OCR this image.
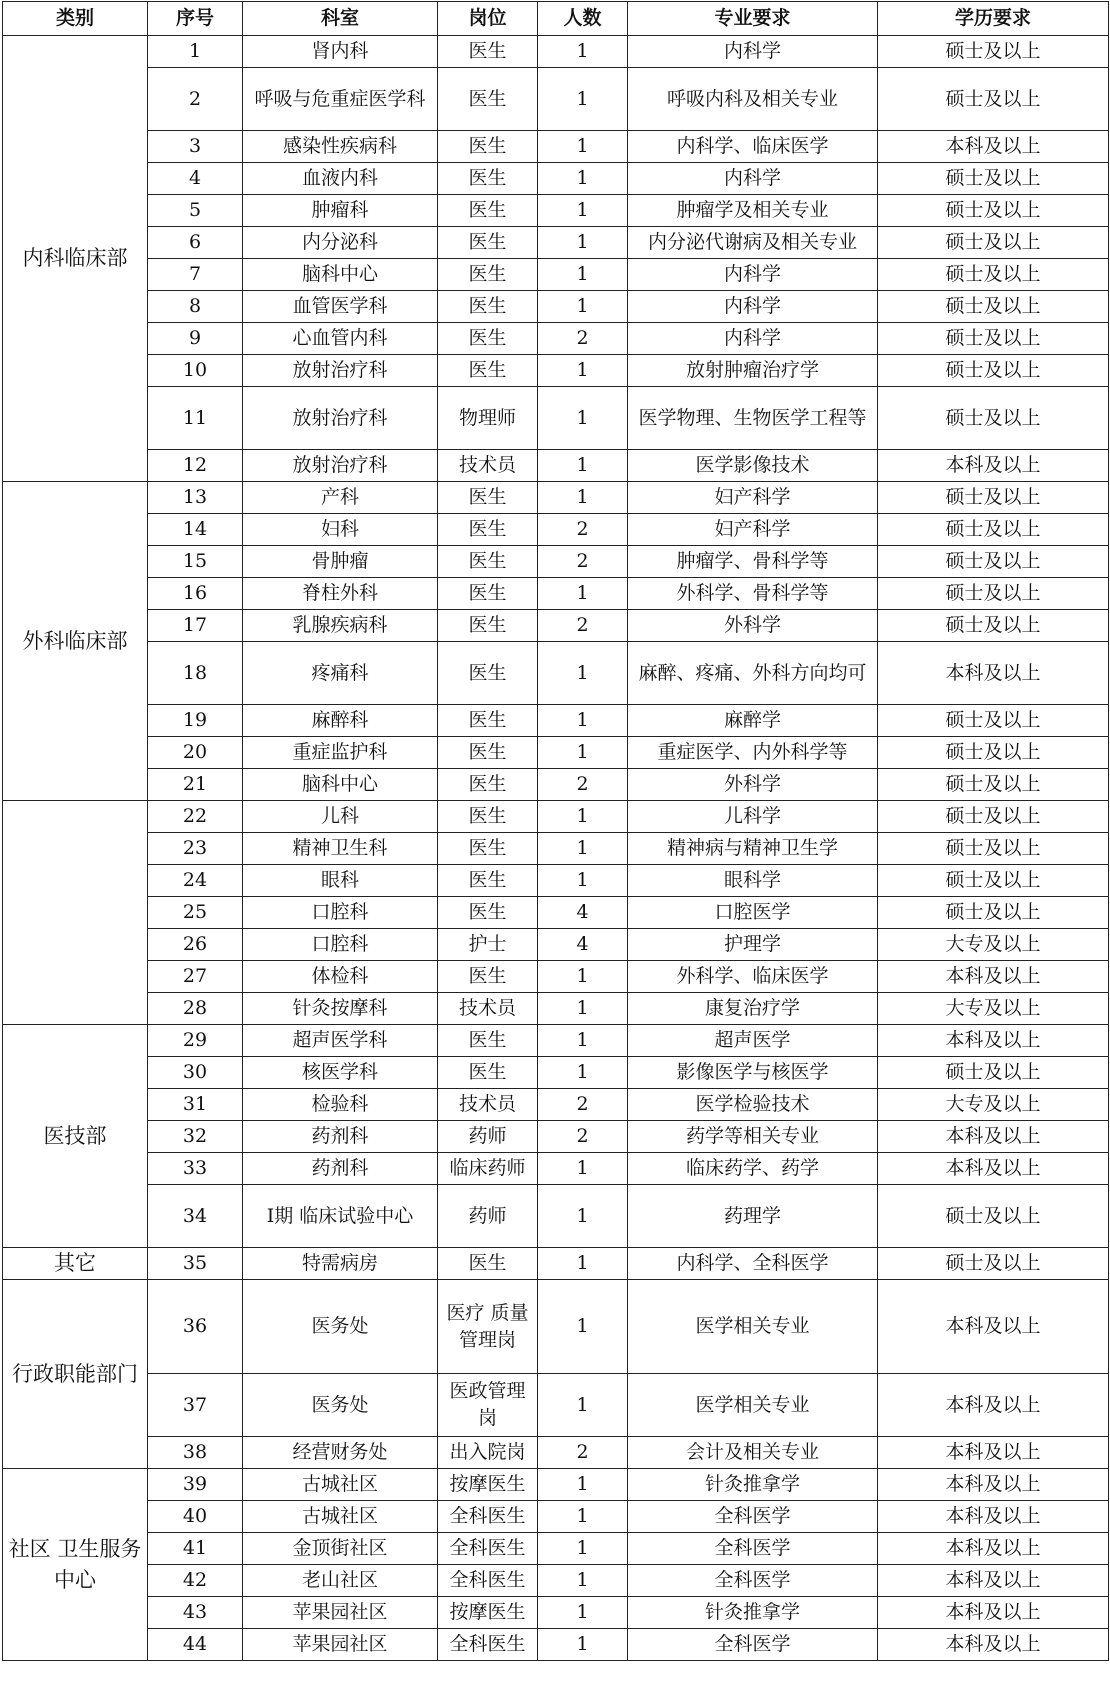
类别	序号	科室	岗位	人数	专业要求	学历要求
内科临床部	1	肾内科	医生	1	内科学	硕士及以上
	2	呼吸与危重症医学科	医生	1	呼吸内科及相关专业	硕士及以上
	3	感染性疾病科	医生	1	内科学、临床医学	本科及以上
	4	血液内科	医生	1	内科学	硕士及以上
	5	肿瘤科	医生	1	肿瘤学及相关专业	硕士及以上
	6	内分泌科	医生	1	内分泌代谢病及相关专业	硕士及以上
	7	脑科中心	医生	1	内科学	硕士及以上
	8	血管医学科	医生	1	内科学	硕士及以上
	9	心血管内科	医生	2	内科学	硕士及以上
	10	放射治疗科	医生	1	放射肿瘤治疗学	硕士及以上
	11	放射治疗科	物理师	1	医学物理、生物医学工程等	硕士及以上
	12	放射治疗科	技术员	1	医学影像技术	本科及以上
外科临床部	13	产科	医生	1	妇产科学	硕士及以上
	14	妇科	医生	2	妇产科学	硕士及以上
	15	骨肿瘤	医生	2	肿瘤学、骨科学等	硕士及以上
	16	脊柱外科	医生	1	外科学、骨科学等	硕士及以上
	17	乳腺疾病科	医生	2	外科学	硕士及以上
	18	疼痛科	医生	1	麻醉、疼痛、外科方向均可	本科及以上
	19	麻醉科	医生	1	麻醉学	硕士及以上
	20	重症监护科	医生	1	重症医学、内外科学等	硕士及以上
	21	脑科中心	医生	2	外科学	硕士及以上
	22	儿科	医生	1	儿科学	硕士及以上
	23	精神卫生科	医生	1	精神病与精神卫生学	硕士及以上
	24	眼科	医生	1	眼科学	硕士及以上
	25	口腔科	医生	4	口腔医学	硕士及以上
	26	口腔科	护士	4	护理学	大专及以上
	27	体检科	医生	1	外科学、临床医学	本科及以上
	28	针灸按摩科	技术员	1	康复治疗学	大专及以上
医技部	29	超声医学科	医生	1	超声医学	本科及以上
	30	核医学科	医生	1	影像医学与核医学	硕士及以上
	31	检验科	技术员	2	医学检验技术	大专及以上
	32	药剂科	药师	2	药学等相关专业	本科及以上
	33	药剂科	临床药师	1	临床药学、药学	本科及以上
	34	Ⅰ期 临床试验中心	药师	1	药理学	硕士及以上
其它	35	特需病房	医生	1	内科学、全科医学	硕士及以上
行政职能部门	36	医务处	医疗 质量管理岗	1	医学相关专业	本科及以上
	37	医务处	医政管理岗	1	医学相关专业	本科及以上
	38	经营财务处	出入院岗	2	会计及相关专业	本科及以上
社区 卫生服务中心	39	古城社区	按摩医生	1	针灸推拿学	本科及以上
	40	古城社区	全科医生	1	全科医学	本科及以上
	41	金顶街社区	全科医生	1	全科医学	本科及以上
	42	老山社区	全科医生	1	全科医学	本科及以上
	43	苹果园社区	按摩医生	1	针灸推拿学	本科及以上
	44	苹果园社区	全科医生	1	全科医学	本科及以上
